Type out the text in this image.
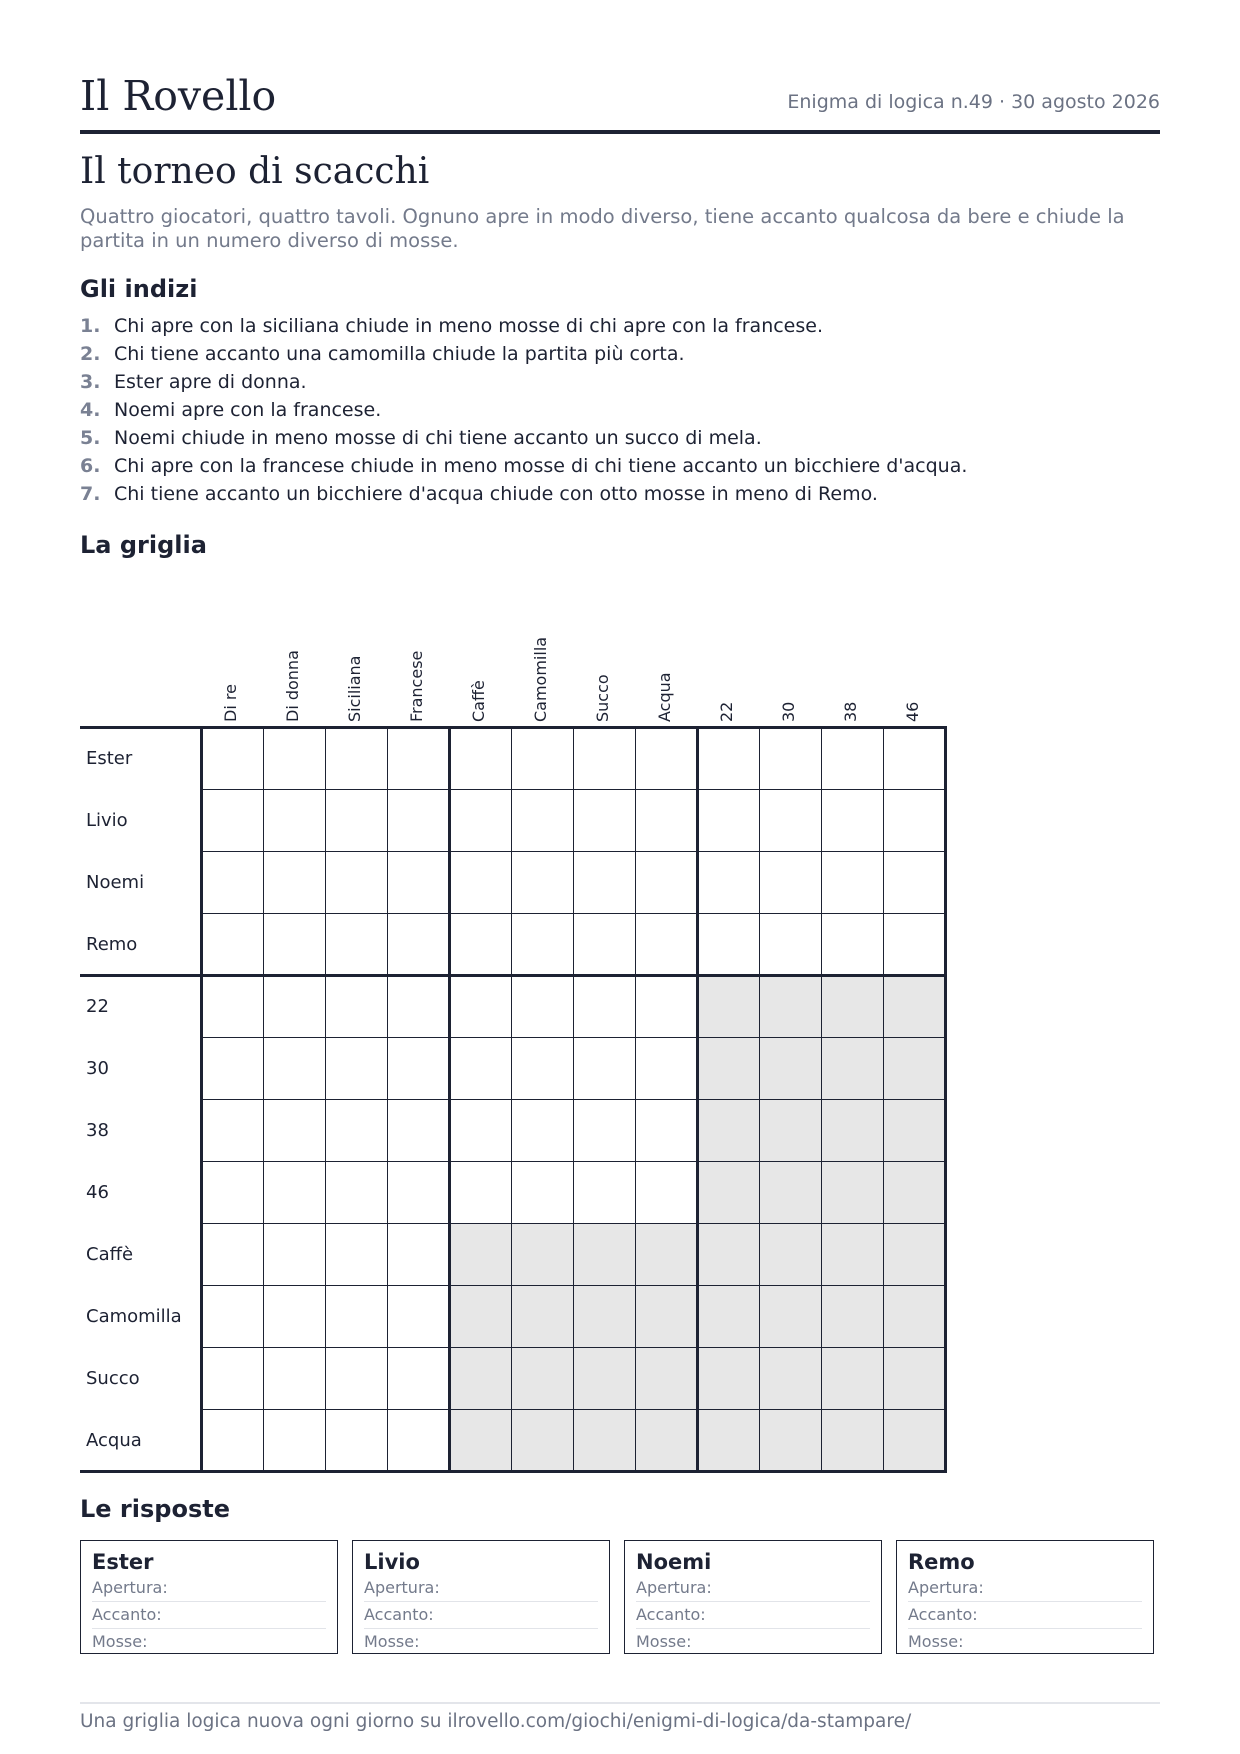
Il Rovello	Enigma di logica n.49 · 30 agosto 2026
Il torneo di scacchi
Quattro giocatori, quattro tavoli. Ognuno apre in modo diverso, tiene accanto qualcosa da bere e chiude la partita in un numero diverso di mosse.
Gli indizi
1. Chi apre con la siciliana chiude in meno mosse di chi apre con la francese.
2. Chi tiene accanto una camomilla chiude la partita più corta.
3. Ester apre di donna.
4. Noemi apre con la francese.
5. Noemi chiude in meno mosse di chi tiene accanto un succo di mela.
6. Chi apre con la francese chiude in meno mosse di chi tiene accanto un bicchiere d'acqua.
7. Chi tiene accanto un bicchiere d'acqua chiude con otto mosse in meno di Remo.
La griglia
Di re	Di donna	Siciliana	Francese	Caffè	Camomilla	Succo	Acqua	22	30	38	46
Ester
Livio
Noemi
Remo
22
30
38
46
Caffè
Camomilla
Succo
Acqua
Le risposte
Ester
Apertura:
Accanto:
Mosse:
Livio
Apertura:
Accanto:
Mosse:
Noemi
Apertura:
Accanto:
Mosse:
Remo
Apertura:
Accanto:
Mosse:
Una griglia logica nuova ogni giorno su ilrovello.com/giochi/enigmi-di-logica/da-stampare/
